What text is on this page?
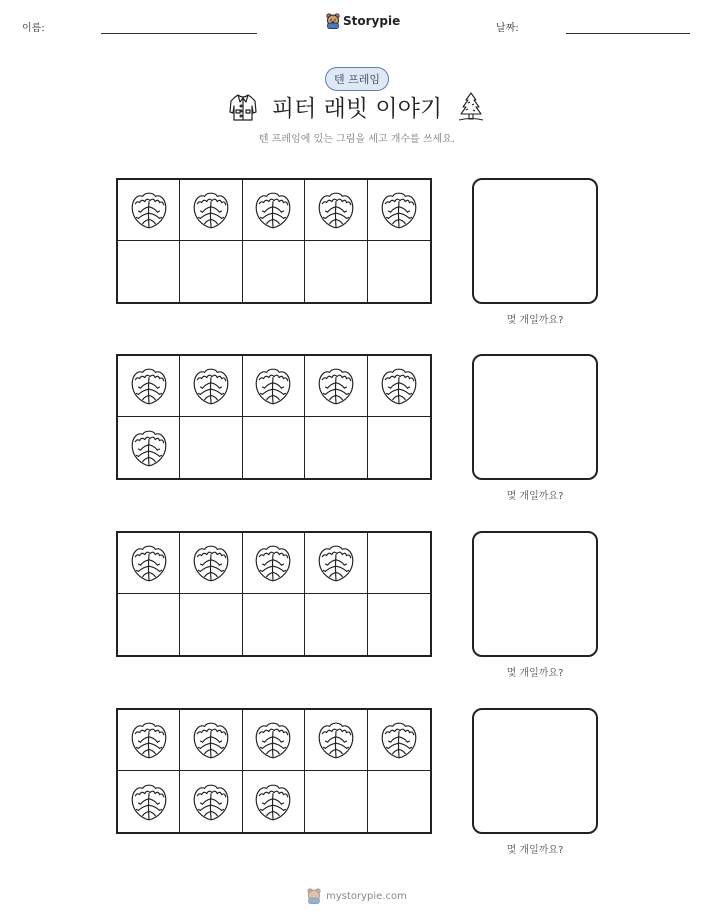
이름:
Storypie
날짜:
텐 프레임
피터 래빗 이야기
텐 프레임에 있는 그림을 세고 개수를 쓰세요.
몇 개일까요?
몇 개일까요?
몇 개일까요?
몇 개일까요?
mystorypie.com
